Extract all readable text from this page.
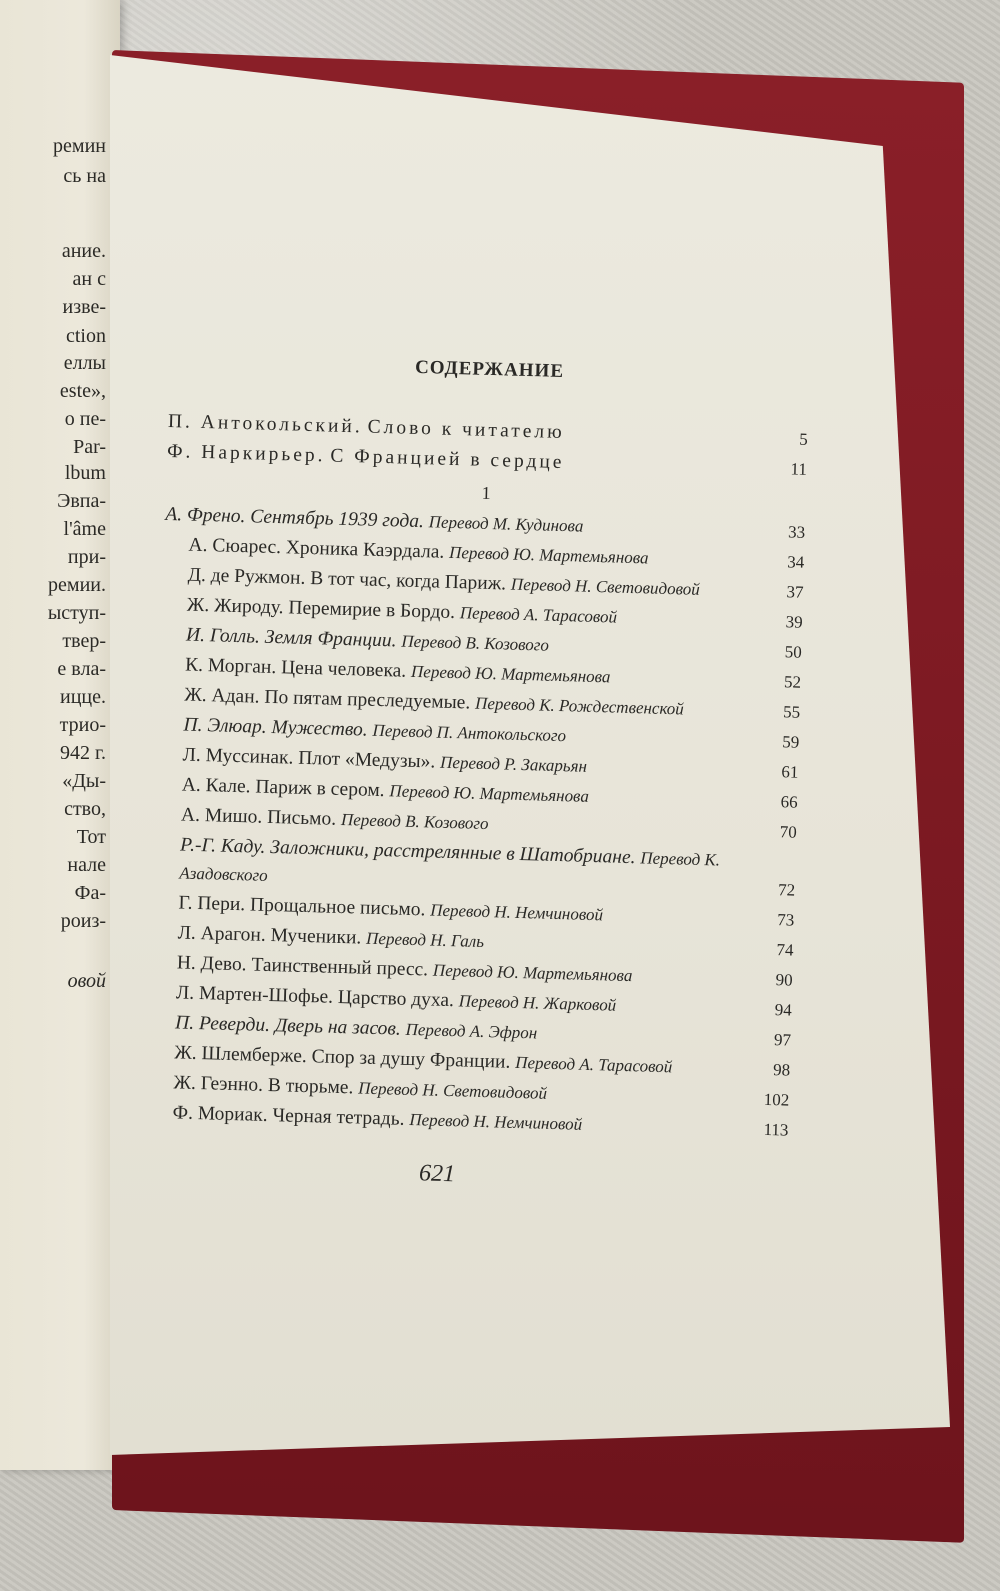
ремин
сь на
ание.
ан с
изве-
ction
еллы
este»,
о пе-
Par-
lbum
Эвпа-
l'âme
при-
ремии.
ыступ-
твер-
е вла-
ицце.
трио-
942 г.
«Ды-
ство,
Тот
нале
Фа-
роиз-
овой
СОДЕРЖАНИЕ
П. Антокольский. Слово к читателю	5
Ф. Наркирьер. С Францией в сердце	11
1
А. Френо. Сентябрь 1939 года. Перевод М. Кудинова	33
А. Сюарес. Хроника Каэрдала. Перевод Ю. Мартемьянова	34
Д. де Ружмон. В тот час, когда Париж. Перевод Н. Световидовой	37
Ж. Жироду. Перемирие в Бордо. Перевод А. Тарасовой	39
И. Голль. Земля Франции. Перевод В. Козового	50
К. Морган. Цена человека. Перевод Ю. Мартемьянова	52
Ж. Адан. По пятам преследуемые. Перевод К. Рождественской	55
П. Элюар. Мужество. Перевод П. Антокольского	59
Л. Муссинак. Плот «Медузы». Перевод Р. Закарьян	61
А. Кале. Париж в сером. Перевод Ю. Мартемьянова	66
А. Мишо. Письмо. Перевод В. Козового	70
Р.-Г. Каду. Заложники, расстрелянные в Шатобриане. Перевод К. Азадовского
72
Г. Пери. Прощальное письмо. Перевод Н. Немчиновой	73
Л. Арагон. Мученики. Перевод Н. Галь	74
Н. Дево. Таинственный пресс. Перевод Ю. Мартемьянова	90
Л. Мартен-Шофье. Царство духа. Перевод Н. Жарковой	94
П. Реверди. Дверь на засов. Перевод А. Эфрон	97
Ж. Шлемберже. Спор за душу Франции. Перевод А. Тарасовой	98
Ж. Геэнно. В тюрьме. Перевод Н. Световидовой	102
Ф. Мориак. Черная тетрадь. Перевод Н. Немчиновой	113
621
